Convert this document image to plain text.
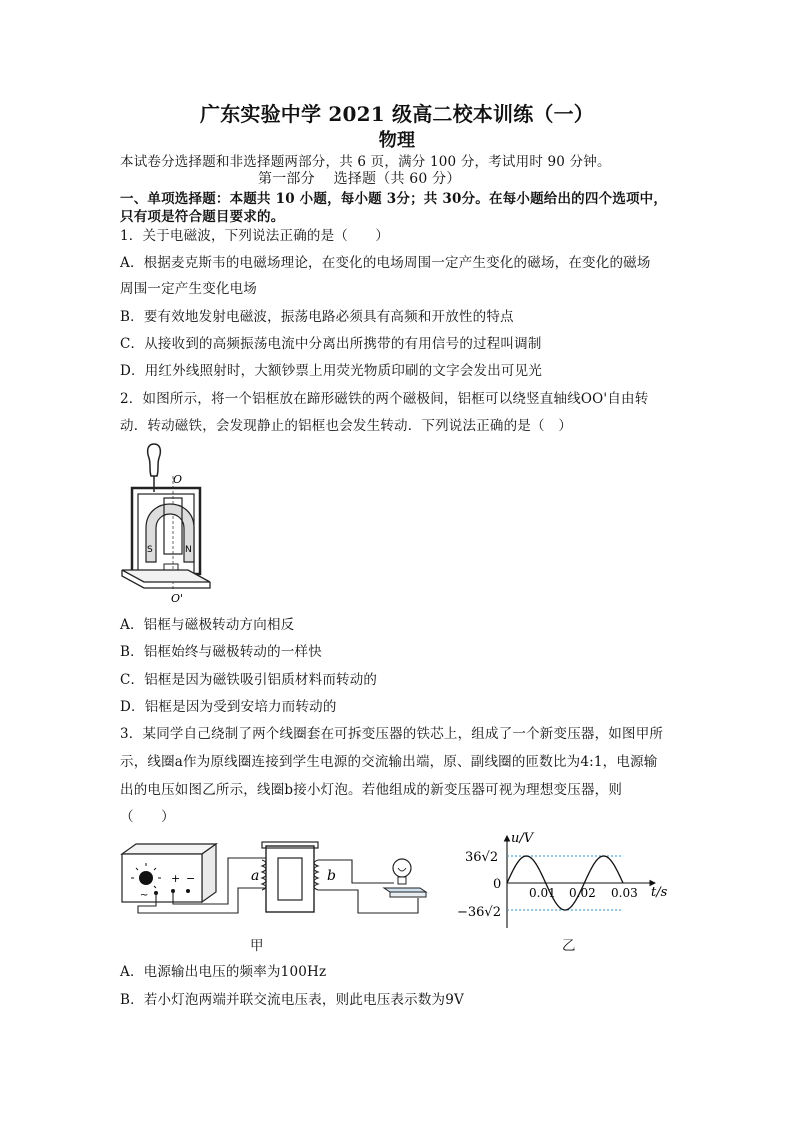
广东实验中学 2021 级高二校本训练（一）
物理
本试卷分选择题和非选择题两部分，共 6 页，满分 100 分，考试用时 90 分钟。
第一部分　 选择题（共 60 分）
一、单项选择题：本题共 10 小题，每小题 3分；共 30分。在每小题给出的四个选项中，
只有项是符合题目要求的。
1．关于电磁波，下列说法正确的是（　　）
A．根据麦克斯韦的电磁场理论，在变化的电场周围一定产生变化的磁场，在变化的磁场
周围一定产生变化电场
B．要有效地发射电磁波，振荡电路必须具有高频和开放性的特点
C．从接收到的高频振荡电流中分离出所携带的有用信号的过程叫调制
D．用红外线照射时，大额钞票上用荧光物质印刷的文字会发出可见光
2．如图所示，将一个铝框放在蹄形磁铁的两个磁极间，铝框可以绕竖直轴线OO'自由转
动．转动磁铁，会发现静止的铝框也会发生转动．下列说法正确的是（　）
O
O'
S	N
A．铝框与磁极转动方向相反
B．铝框始终与磁极转动的一样快
C．铝框是因为磁铁吸引铝质材料而转动的
D．铝框是因为受到安培力而转动的
3．某同学自己绕制了两个线圈套在可拆变压器的铁芯上，组成了一个新变压器，如图甲所
示，线圈a作为原线圈连接到学生电源的交流输出端，原、副线圈的匝数比为4:1，电源输
出的电压如图乙所示，线圈b接小灯泡。若他组成的新变压器可视为理想变压器，则
（　　）
+ −
~
a	b
甲
u/V
t/s
36√2
0
−36√2
0.01 0.02 0.03
乙
A．电源输出电压的频率为100Hz
B．若小灯泡两端并联交流电压表，则此电压表示数为9V
